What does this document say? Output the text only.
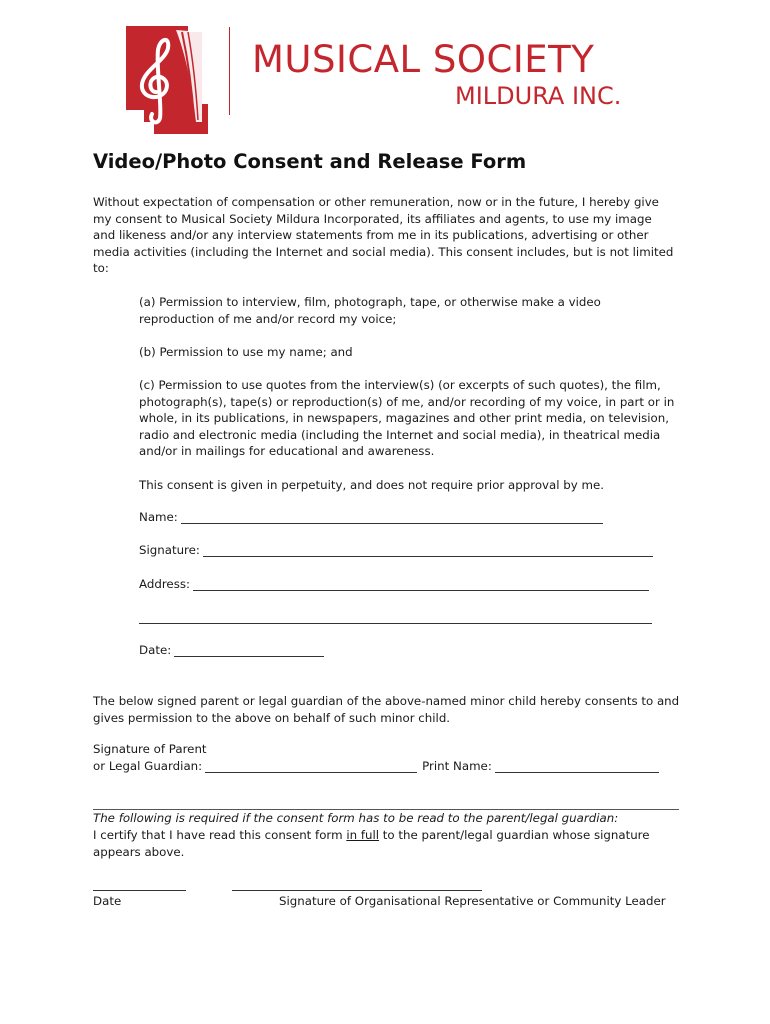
MUSICAL SOCIETY
MILDURA INC.
Video/Photo Consent and Release Form

Without expectation of compensation or other remuneration, now or in the future, I hereby give my consent to Musical Society Mildura Incorporated, its affiliates and agents, to use my image and likeness and/or any interview statements from me in its publications, advertising or other media activities (including the Internet and social media). This consent includes, but is not limited to:

(a) Permission to interview, film, photograph, tape, or otherwise make a video reproduction of me and/or record my voice;

(b) Permission to use my name; and

(c) Permission to use quotes from the interview(s) (or excerpts of such quotes), the film, photograph(s), tape(s) or reproduction(s) of me, and/or recording of my voice, in part or in whole, in its publications, in newspapers, magazines and other print media, on television, radio and electronic media (including the Internet and social media), in theatrical media and/or in mailings for educational and awareness.

This consent is given in perpetuity, and does not require prior approval by me.

Name:
Signature:
Address:
Date:

The below signed parent or legal guardian of the above-named minor child hereby consents to and gives permission to the above on behalf of such minor child.

Signature of Parent
or Legal Guardian:	Print Name:

The following is required if the consent form has to be read to the parent/legal guardian:

I certify that I have read this consent form in full to the parent/legal guardian whose signature appears above.

Date	Signature of Organisational Representative or Community Leader
